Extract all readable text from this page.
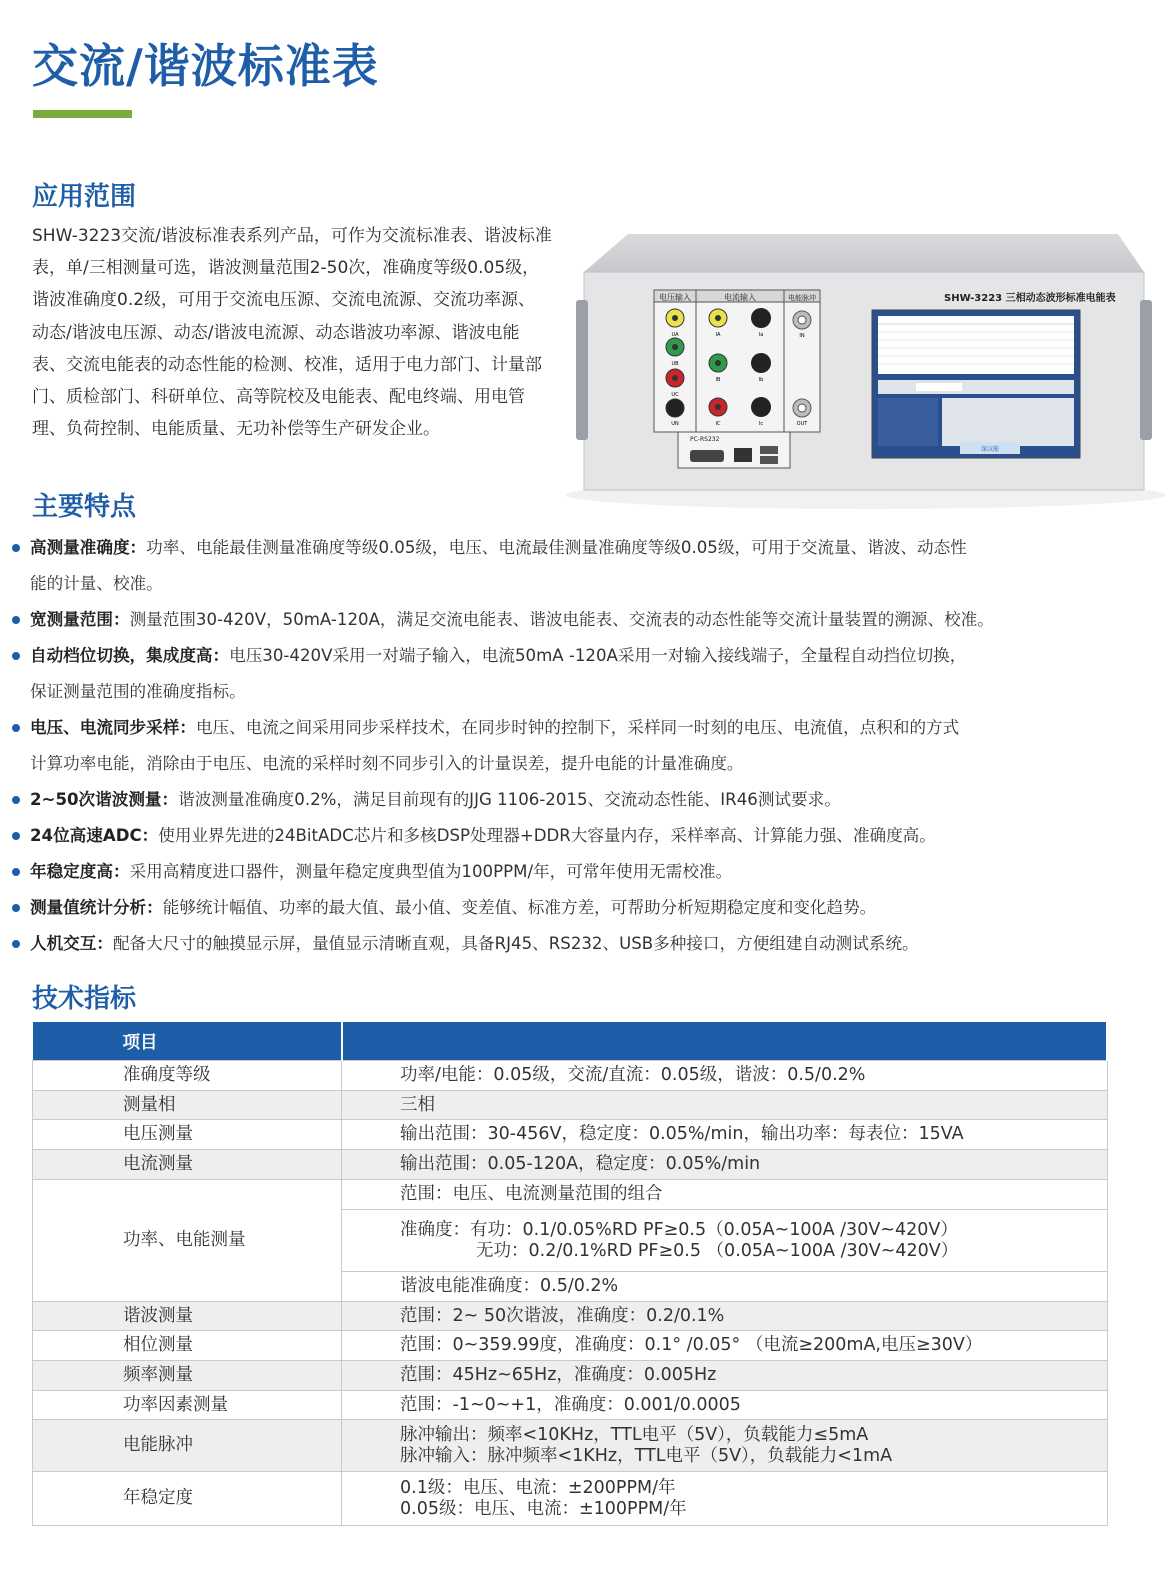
交流/谐波标准表
应用范围

SHW-3223交流/谐波标准表系列产品，可作为交流标准表、谐波标准表，单/三相测量可选，谐波测量范围2-50次，准确度等级0.05级，谐波准确度0.2级，可用于交流电压源、交流电流源、交流功率源、动态/谐波电压源、动态/谐波电流源、动态谐波功率源、谐波电能表、交流电能表的动态性能的检测、校准，适用于电力部门、计量部门、质检部门、科研单位、高等院校及电能表、配电终端、用电管理、负荷控制、电能质量、无功补偿等生产研发企业。

电压输入	电流输入	电能脉冲
UA
UB
UC
UN
IA	Ia
IB	Ib
IC	Ic
IN
OUT
PC-RS232
SHW-3223 三相动态波形标准电能表
深汉能
主要特点
高测量准确度：功率、电能最佳测量准确度等级0.05级，电压、电流最佳测量准确度等级0.05级，可用于交流量、谐波、动态性
能的计量、校准。
宽测量范围：测量范围30-420V，50mA-120A，满足交流电能表、谐波电能表、交流表的动态性能等交流计量装置的溯源、校准。
自动档位切换，集成度高：电压30-420V采用一对端子输入，电流50mA -120A采用一对输入接线端子，全量程自动挡位切换，
保证测量范围的准确度指标。
电压、电流同步采样：电压、电流之间采用同步采样技术，在同步时钟的控制下，采样同一时刻的电压、电流值，点积和的方式
计算功率电能，消除由于电压、电流的采样时刻不同步引入的计量误差，提升电能的计量准确度。
2~50次谐波测量：谐波测量准确度0.2%，满足目前现有的JJG 1106-2015、交流动态性能、IR46测试要求。
24位高速ADC：使用业界先进的24BitADC芯片和多核DSP处理器+DDR大容量内存，采样率高、计算能力强、准确度高。
年稳定度高：采用高精度进口器件，测量年稳定度典型值为100PPM/年，可常年使用无需校准。
测量值统计分析：能够统计幅值、功率的最大值、最小值、变差值、标准方差，可帮助分析短期稳定度和变化趋势。
人机交互：配备大尺寸的触摸显示屏，量值显示清晰直观，具备RJ45、RS232、USB多种接口，方便组建自动测试系统。
技术指标
项目	
准确度等级	功率/电能：0.05级，交流/直流：0.05级，谐波：0.5/0.2%
测量相	三相
电压测量	输出范围：30-456V，稳定度：0.05%/min，输出功率：每表位：15VA
电流测量	输出范围：0.05-120A，稳定度：0.05%/min
功率、电能测量	范围：电压、电流测量范围的组合

	准确度：有功：0.1/0.05%RD PF≥0.5（0.05A~100A /30V~420V）
无功：0.2/0.1%RD PF≥0.5 （0.05A~100A /30V~420V）

	谐波电能准确度：0.5/0.2%
谐波测量	范围：2~ 50次谐波，准确度：0.2/0.1%
相位测量	范围：0~359.99度，准确度：0.1° /0.05° （电流≥200mA,电压≥30V）
频率测量	范围：45Hz~65Hz，准确度：0.005Hz
功率因素测量	范围：-1~0~+1，准确度：0.001/0.0005
电能脉冲	脉冲输出：频率<10KHz，TTL电平（5V），负载能力≤5mA
脉冲输入：脉冲频率<1KHz，TTL电平（5V），负载能力<1mA

年稳定度	0.1级：电压、电流：±200PPM/年
0.05级：电压、电流：±100PPM/年
